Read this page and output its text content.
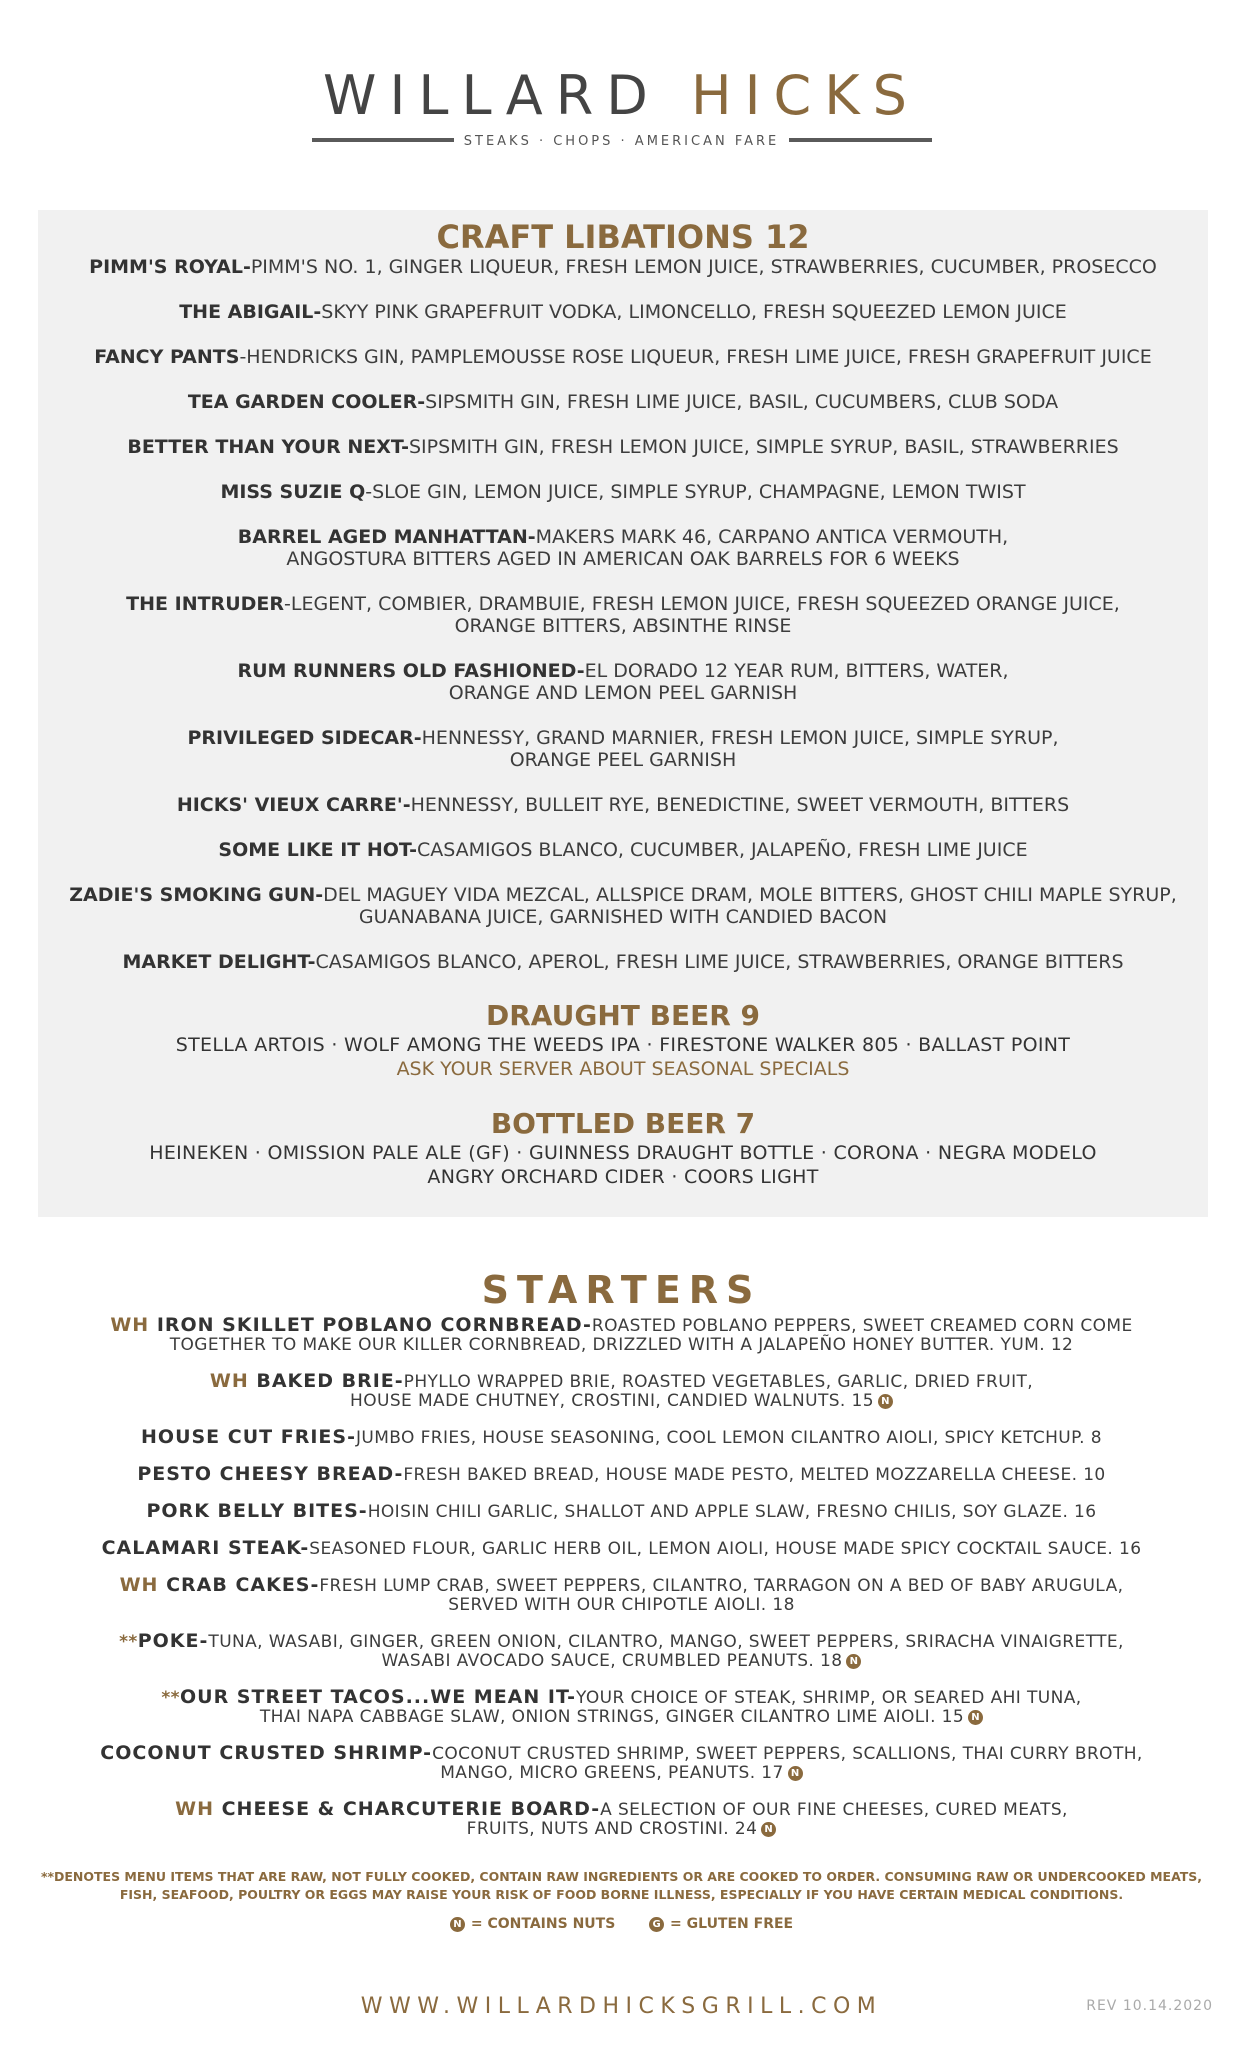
WILLARD HICKS
STEAKS · CHOPS · AMERICAN FARE
CRAFT LIBATIONS 12
PIMM'S ROYAL-PIMM'S NO. 1, GINGER LIQUEUR, FRESH LEMON JUICE, STRAWBERRIES, CUCUMBER, PROSECCO
THE ABIGAIL-SKYY PINK GRAPEFRUIT VODKA, LIMONCELLO, FRESH SQUEEZED LEMON JUICE
FANCY PANTS-HENDRICKS GIN, PAMPLEMOUSSE ROSE LIQUEUR, FRESH LIME JUICE, FRESH GRAPEFRUIT JUICE
TEA GARDEN COOLER-SIPSMITH GIN, FRESH LIME JUICE, BASIL, CUCUMBERS, CLUB SODA
BETTER THAN YOUR NEXT-SIPSMITH GIN, FRESH LEMON JUICE, SIMPLE SYRUP, BASIL, STRAWBERRIES
MISS SUZIE Q-SLOE GIN, LEMON JUICE, SIMPLE SYRUP, CHAMPAGNE, LEMON TWIST
BARREL AGED MANHATTAN-MAKERS MARK 46, CARPANO ANTICA VERMOUTH,
ANGOSTURA BITTERS AGED IN AMERICAN OAK BARRELS FOR 6 WEEKS
THE INTRUDER-LEGENT, COMBIER, DRAMBUIE, FRESH LEMON JUICE, FRESH SQUEEZED ORANGE JUICE,
ORANGE BITTERS, ABSINTHE RINSE
RUM RUNNERS OLD FASHIONED-EL DORADO 12 YEAR RUM, BITTERS, WATER,
ORANGE AND LEMON PEEL GARNISH
PRIVILEGED SIDECAR-HENNESSY, GRAND MARNIER, FRESH LEMON JUICE, SIMPLE SYRUP,
ORANGE PEEL GARNISH
HICKS' VIEUX CARRE'-HENNESSY, BULLEIT RYE, BENEDICTINE, SWEET VERMOUTH, BITTERS
SOME LIKE IT HOT-CASAMIGOS BLANCO, CUCUMBER, JALAPEÑO, FRESH LIME JUICE
ZADIE'S SMOKING GUN-DEL MAGUEY VIDA MEZCAL, ALLSPICE DRAM, MOLE BITTERS, GHOST CHILI MAPLE SYRUP,
GUANABANA JUICE, GARNISHED WITH CANDIED BACON
MARKET DELIGHT-CASAMIGOS BLANCO, APEROL, FRESH LIME JUICE, STRAWBERRIES, ORANGE BITTERS
DRAUGHT BEER 9
STELLA ARTOIS · WOLF AMONG THE WEEDS IPA · FIRESTONE WALKER 805 · BALLAST POINT
ASK YOUR SERVER ABOUT SEASONAL SPECIALS
BOTTLED BEER 7
HEINEKEN · OMISSION PALE ALE (GF) · GUINNESS DRAUGHT BOTTLE · CORONA · NEGRA MODELO
ANGRY ORCHARD CIDER · COORS LIGHT
STARTERS
WH IRON SKILLET POBLANO CORNBREAD-ROASTED POBLANO PEPPERS, SWEET CREAMED CORN COME
TOGETHER TO MAKE OUR KILLER CORNBREAD, DRIZZLED WITH A JALAPEÑO HONEY BUTTER. YUM. 12
WH BAKED BRIE-PHYLLO WRAPPED BRIE, ROASTED VEGETABLES, GARLIC, DRIED FRUIT,
HOUSE MADE CHUTNEY, CROSTINI, CANDIED WALNUTS. 15 N
HOUSE CUT FRIES-JUMBO FRIES, HOUSE SEASONING, COOL LEMON CILANTRO AIOLI, SPICY KETCHUP. 8
PESTO CHEESY BREAD-FRESH BAKED BREAD, HOUSE MADE PESTO, MELTED MOZZARELLA CHEESE. 10
PORK BELLY BITES-HOISIN CHILI GARLIC, SHALLOT AND APPLE SLAW, FRESNO CHILIS, SOY GLAZE. 16
CALAMARI STEAK-SEASONED FLOUR, GARLIC HERB OIL, LEMON AIOLI, HOUSE MADE SPICY COCKTAIL SAUCE. 16
WH CRAB CAKES-FRESH LUMP CRAB, SWEET PEPPERS, CILANTRO, TARRAGON ON A BED OF BABY ARUGULA,
SERVED WITH OUR CHIPOTLE AIOLI. 18
**POKE-TUNA, WASABI, GINGER, GREEN ONION, CILANTRO, MANGO, SWEET PEPPERS, SRIRACHA VINAIGRETTE,
WASABI AVOCADO SAUCE, CRUMBLED PEANUTS. 18 N
**OUR STREET TACOS...WE MEAN IT-YOUR CHOICE OF STEAK, SHRIMP, OR SEARED AHI TUNA,
THAI NAPA CABBAGE SLAW, ONION STRINGS, GINGER CILANTRO LIME AIOLI. 15 N
COCONUT CRUSTED SHRIMP-COCONUT CRUSTED SHRIMP, SWEET PEPPERS, SCALLIONS, THAI CURRY BROTH,
MANGO, MICRO GREENS, PEANUTS. 17 N
WH CHEESE & CHARCUTERIE BOARD-A SELECTION OF OUR FINE CHEESES, CURED MEATS,
FRUITS, NUTS AND CROSTINI. 24 N
**DENOTES MENU ITEMS THAT ARE RAW, NOT FULLY COOKED, CONTAIN RAW INGREDIENTS OR ARE COOKED TO ORDER. CONSUMING RAW OR UNDERCOOKED MEATS,
FISH, SEAFOOD, POULTRY OR EGGS MAY RAISE YOUR RISK OF FOOD BORNE ILLNESS, ESPECIALLY IF YOU HAVE CERTAIN MEDICAL CONDITIONS.
N = CONTAINS NUTS	G = GLUTEN FREE
WWW.WILLARDHICKSGRILL.COM	REV 10.14.2020
